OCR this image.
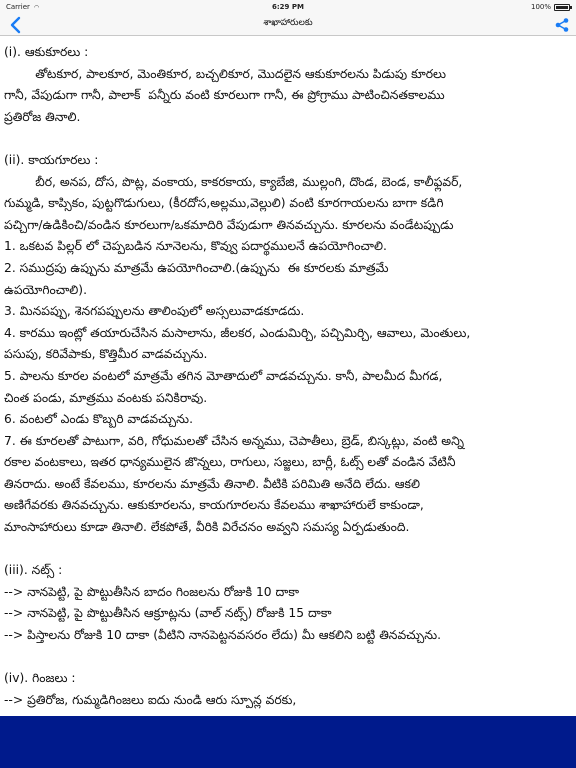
Carrier ◠	6:29 PM	100%
శాఖాహారులకు
(i). ఆకుకూరలు :
తోటకూర, పాలకూర, మెంతికూర, బచ్చలికూర, మొదలైన ఆకుకూరలను పిడుపు కూరలు
గానీ, వేపుడుగా గానీ, పాలాక్  పన్నీరు వంటి కూరలుగా గానీ, ఈ ప్రోగ్రాము పాటించినతకాలము
ప్రతిరోజ తినాలి.
(ii). కాయగూరలు :
బీర, అనప, దోస, పొట్ల, వంకాయ, కాకరకాయ, క్యాబేజి, ముల్లంగి, దొండ, బెండ, కాలీఫ్లవర్,
గుమ్మడి, కాప్సికం, పుట్టగొడుగులు, (కీరదోస,అల్లము,వెల్లులి) వంటి కూరగాయలను బాగా కడిగి
పచ్చిగా/ఉడికించి/వండిన కూరలుగా/ఒకమాదిరి వేపుడుగా తినవచ్చును. కూరలను వండేటప్పుడు
1. ఒకటవ పిల్లర్ లో చెప్పబడిన నూనెలను, కొవ్వు పదార్థములనే ఉపయోగించాలి.
2. సముద్రపు ఉప్పును మాత్రమే ఉపయోగించాలి.(ఉప్పును  ఈ కూరలకు మాత్రమే
ఉపయోగించాలి).
3. మినపప్పు, శెనగపప్పులను తాలింపులో అస్సలువాడకూడదు.
4. కారము ఇంట్లో తయారుచేసిన మసాలాను, జీలకర, ఎండుమిర్చి, పచ్చిమిర్చి, ఆవాలు, మెంతులు,
పసుపు, కరివేపాకు, కొత్తిమీర వాడవచ్చును.
5. పాలను కూరల వంటలో మాత్రమే తగిన మోతాదులో వాడవచ్చును. కానీ, పాలమీద మీగడ,
చింత పండు, మాత్రము వంటకు పనికిరావు.
6. వంటలో ఎండు కొబ్బరి వాడవచ్చును.
7. ఈ కూరలతో పాటుగా, వరి, గోధుమలతో చేసిన అన్నము, చెపాతీలు, బ్రెడ్, బిస్కట్లు, వంటి అన్ని
రకాల వంటకాలు, ఇతర ధాన్యములైన జొన్నలు, రాగులు, సజ్జలు, బార్లీ, ఓట్స్ లతో వండిన వేటినీ
తినరాదు. అంటే కేవలము, కూరలను మాత్రమే తినాలి. వీటికి పరిమితి అనేది లేదు. ఆకలి
అణిగేవరకు తినవచ్చును. ఆకుకూరలను, కాయగూరలను కేవలము శాఖాహారులే కాకుండా,
మాంసాహారులు కూడా తినాలి. లేకపోతే, వీరికి విరేచనం అవ్వని సమస్య ఏర్పడుతుంది.
(iii). నట్స్ :
--> నానపెట్టి, పై పొట్టుతీసిన బాదం గింజలను రోజుకి 10 దాకా
--> నానపెట్టి, పై పొట్టుతీసిన ఆక్రూట్లను (వాల్ నట్స్) రోజుకి 15 దాకా
--> పిస్తాలను రోజుకి 10 దాకా (వీటిని నానపెట్టనవసరం లేదు) మీ ఆకలిని బట్టి తినవచ్చును.
(iv). గింజలు :
--> ప్రతిరోజ, గుమ్మడిగింజలు ఐదు నుండి ఆరు స్పూన్ల వరకు,
